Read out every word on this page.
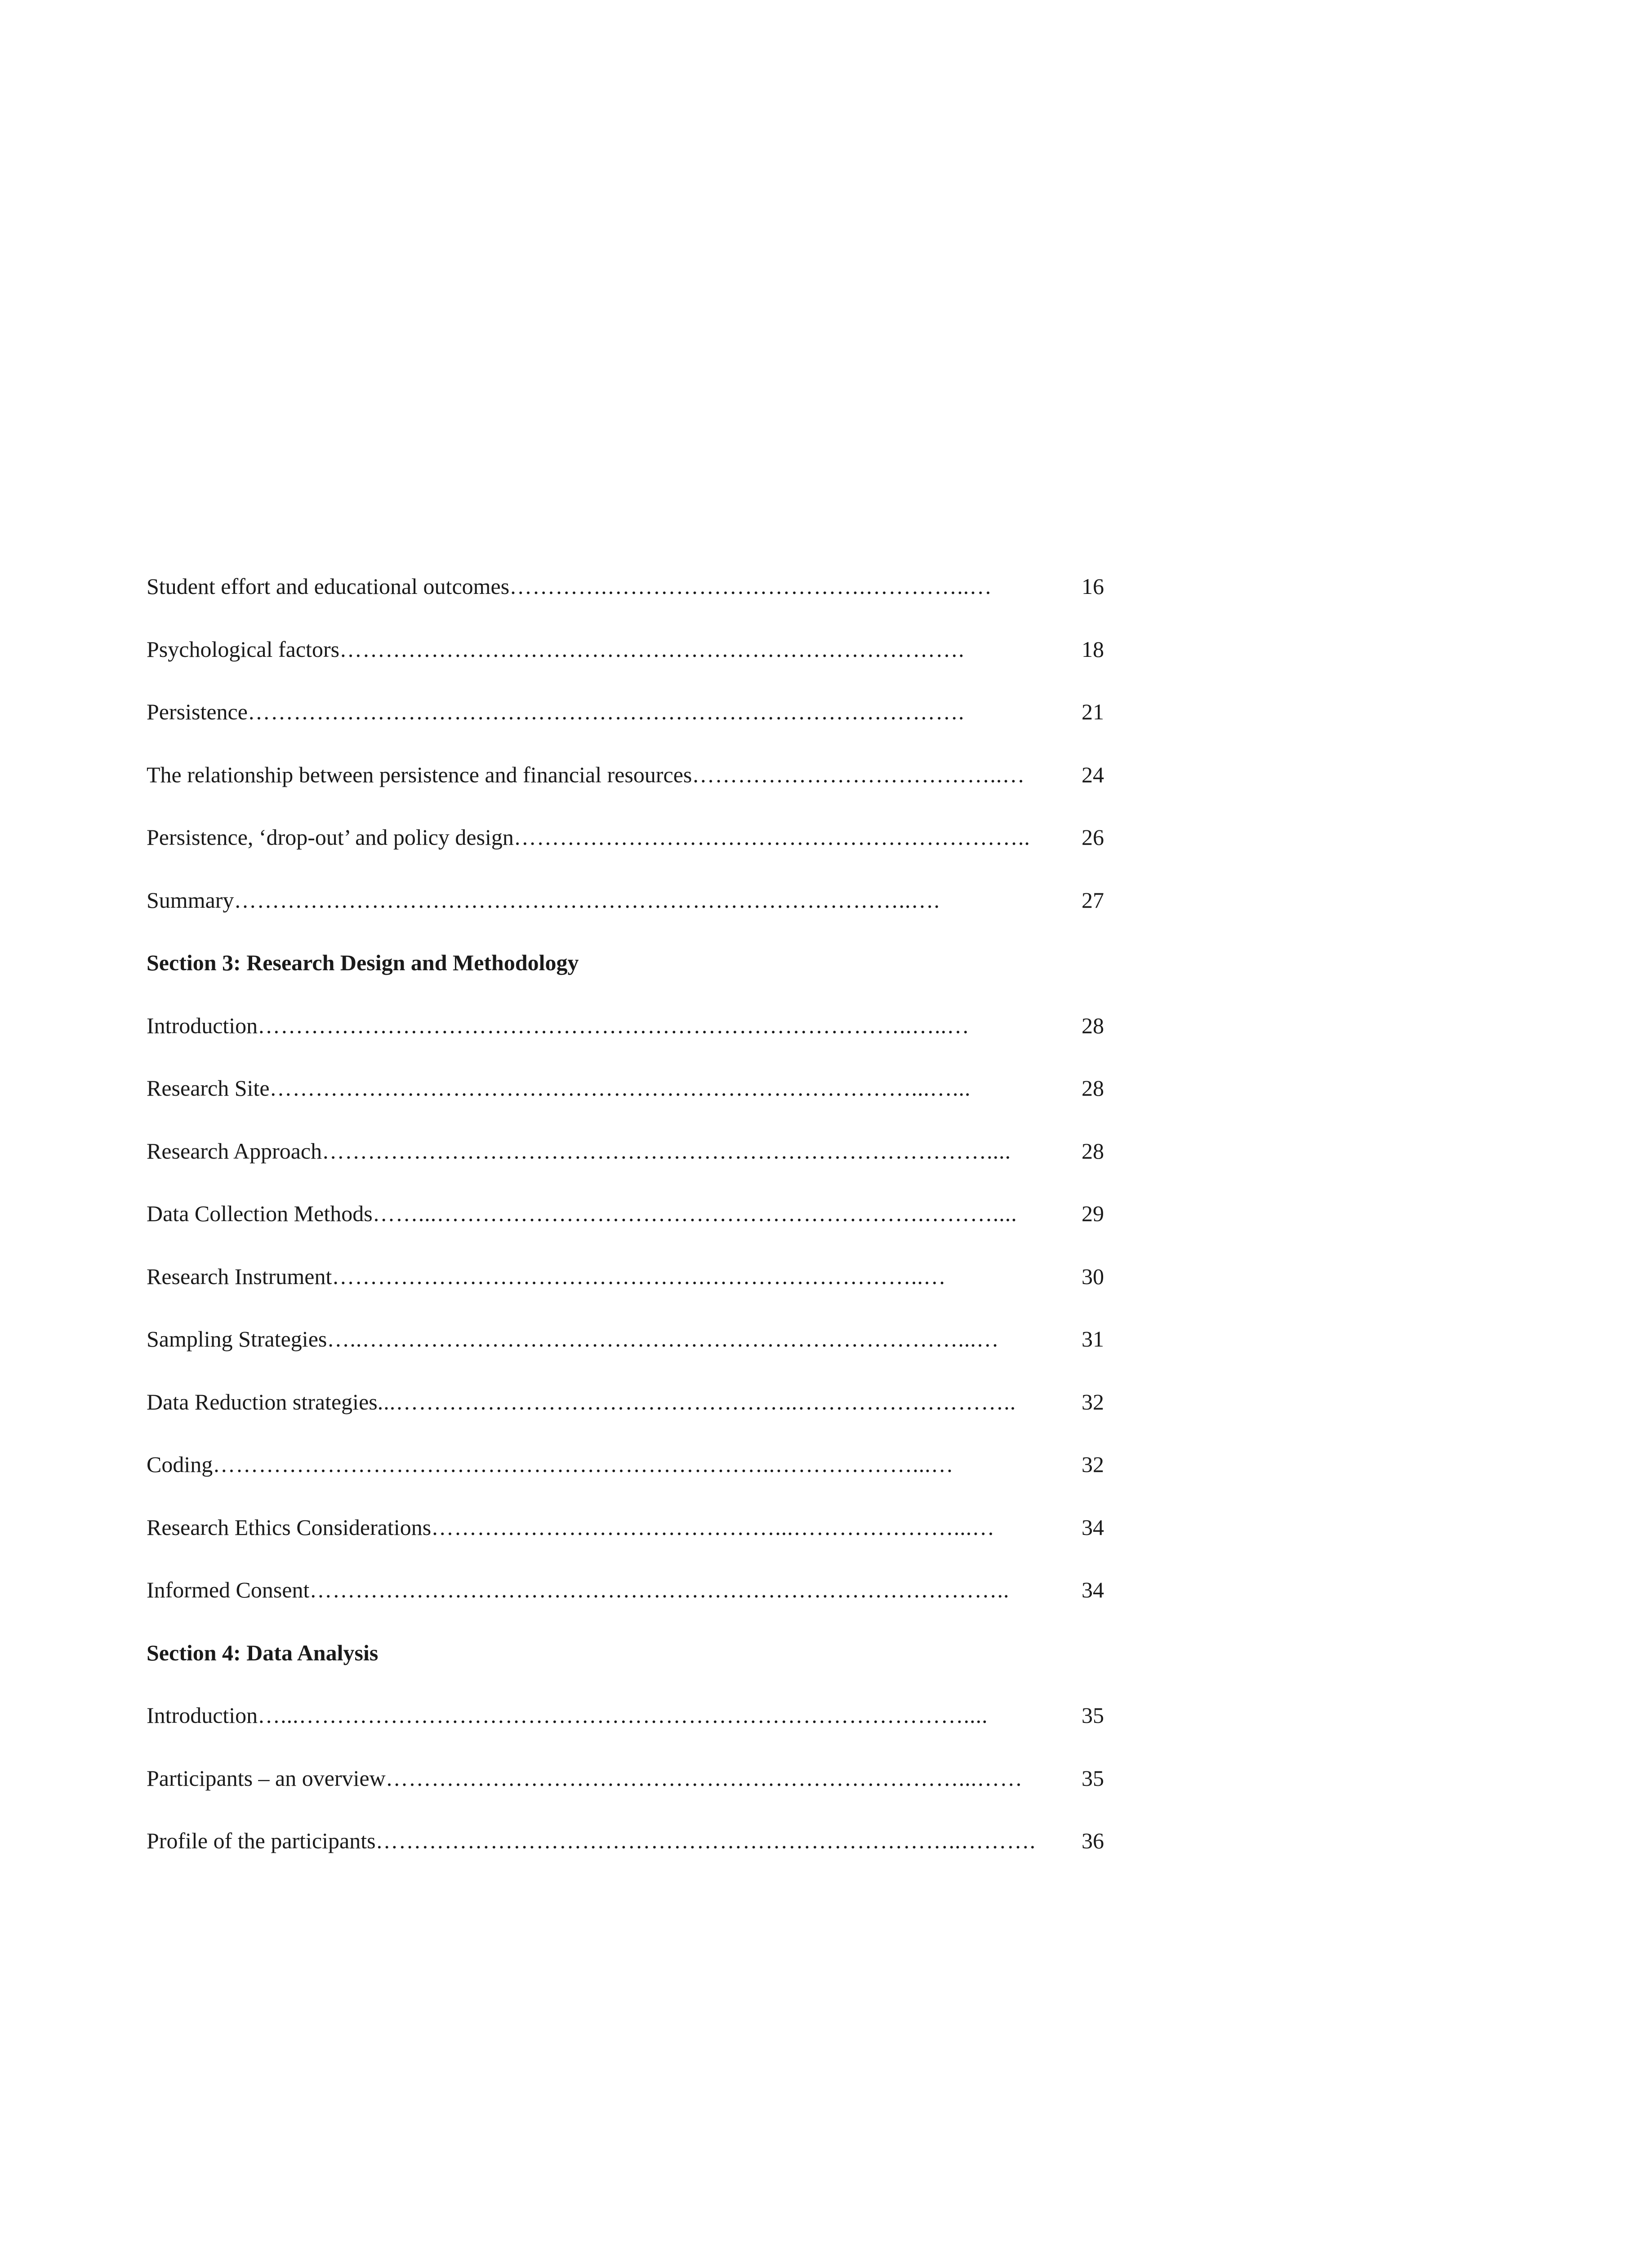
Student effort and educational outcomes ………….…………………………….…………..…	16
Psychological factors ……………………………………………………………………….	18
Persistence ………………………………………………………………………………….	21
The relationship between persistence and financial resources …………………………………..…	24
Persistence, ‘drop-out’ and policy design …………………………………………………………..	26
Summary ……………………………………………………………………………..….	27
Section 3: Research Design and Methodology
Introduction …………………………………………………………………………..…..…	28
Research Site …………………………………………………………………………...…...	28
Research Approach ……………………………………………………………………………....	28
Data Collection Methods ……...……………………………………………………….………....	29
Research Instrument ………………………………………….………………………..…	30
Sampling Strategies …..……………………………………………………………………...…	31
Data Reduction strategies ...……………………………………………..………………………..	32
Coding ………………………………………………………………..………………...…	32
Research Ethics Considerations ………………………………………...…………………...…	34
Informed Consent ………………………………………………………………………………..	34
Section 4: Data Analysis
Introduction …...……………………………………………………………………………....	35
Participants – an overview …………………………………………………………………...……	35
Profile of the participants …………………………………………………………………..……….	36
